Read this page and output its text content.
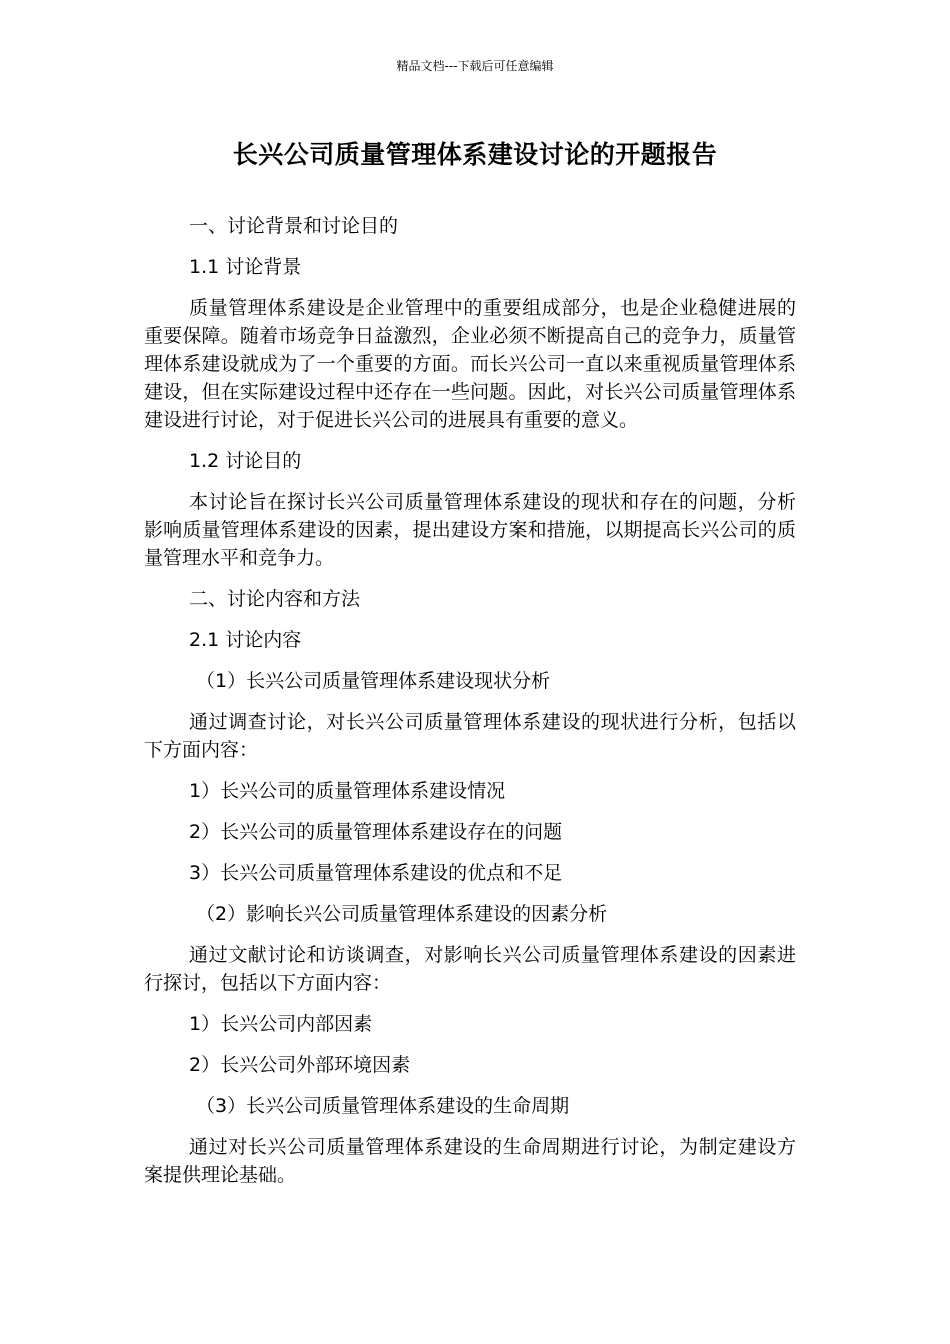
精品文档---下载后可任意编辑
长兴公司质量管理体系建设讨论的开题报告

一、讨论背景和讨论目的

1.1 讨论背景

质量管理体系建设是企业管理中的重要组成部分，也是企业稳健进展的重要保障。随着市场竞争日益激烈，企业必须不断提高自己的竞争力，质量管理体系建设就成为了一个重要的方面。而长兴公司一直以来重视质量管理体系建设，但在实际建设过程中还存在一些问题。因此，对长兴公司质量管理体系建设进行讨论，对于促进长兴公司的进展具有重要的意义。

1.2 讨论目的

本讨论旨在探讨长兴公司质量管理体系建设的现状和存在的问题，分析影响质量管理体系建设的因素，提出建设方案和措施，以期提高长兴公司的质量管理水平和竞争力。

二、讨论内容和方法

2.1 讨论内容

（1）长兴公司质量管理体系建设现状分析

通过调查讨论，对长兴公司质量管理体系建设的现状进行分析，包括以下方面内容：

1）长兴公司的质量管理体系建设情况

2）长兴公司的质量管理体系建设存在的问题

3）长兴公司质量管理体系建设的优点和不足

（2）影响长兴公司质量管理体系建设的因素分析

通过文献讨论和访谈调查，对影响长兴公司质量管理体系建设的因素进行探讨，包括以下方面内容：

1）长兴公司内部因素

2）长兴公司外部环境因素

（3）长兴公司质量管理体系建设的生命周期

通过对长兴公司质量管理体系建设的生命周期进行讨论，为制定建设方案提供理论基础。
